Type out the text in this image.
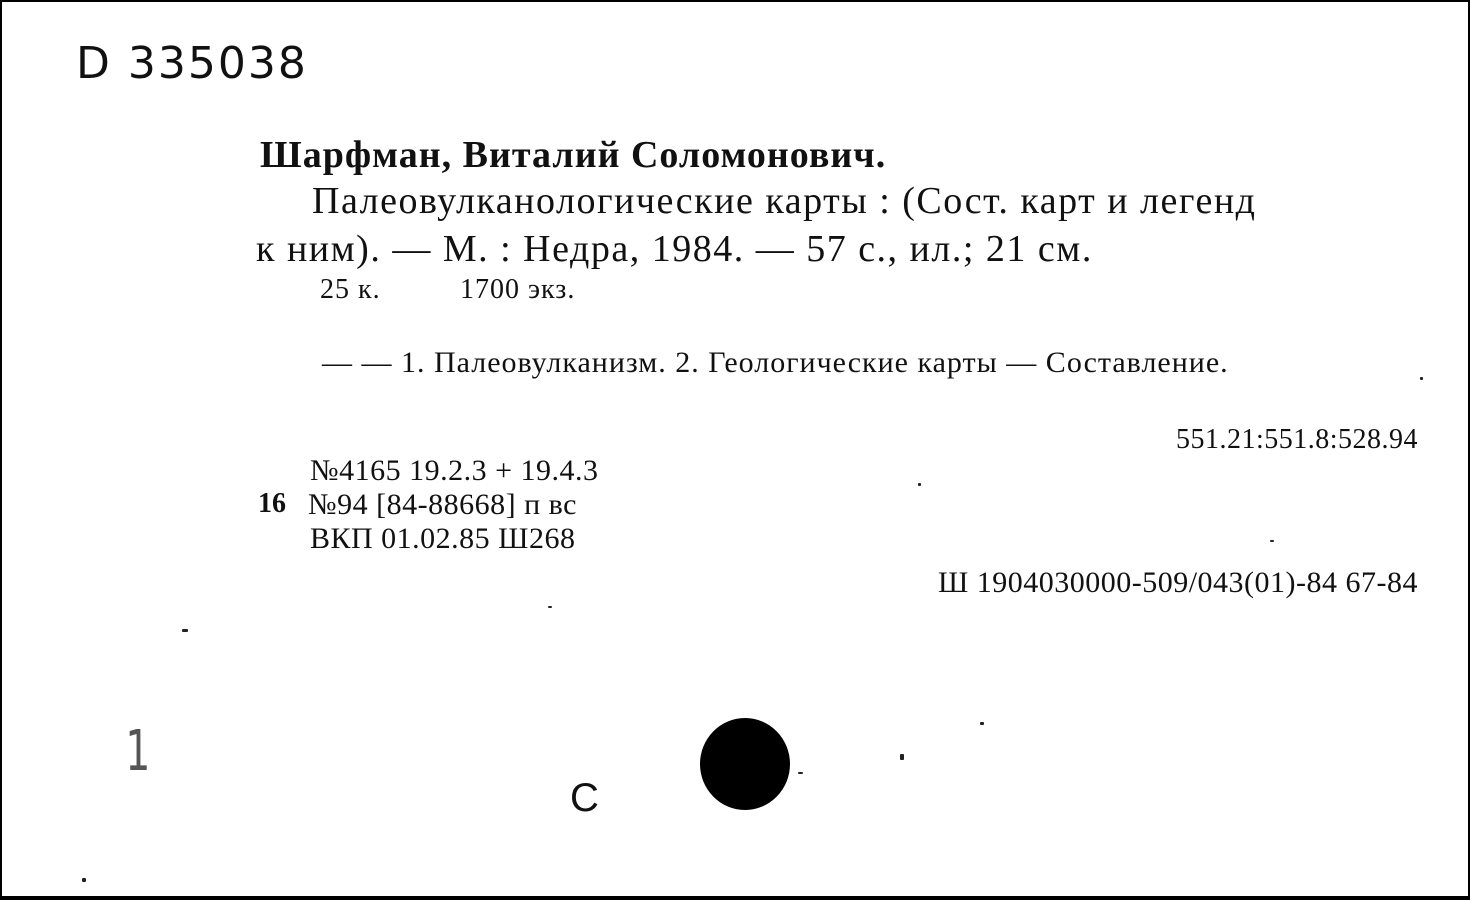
D 335038
Шарфман, Виталий Соломонович.
Палеовулканологические карты : (Сост. карт и легенд
к ним). — М. : Недра, 1984. — 57 с., ил.; 21 см.
25 к.	1700 экз.
— — 1. Палеовулканизм. 2. Геологические карты — Составление.
551.21:551.8:528.94
№4165 19.2.3 + 19.4.3
16 №94 [84-88668] п вс
ВКП 01.02.85 Ш268
Ш 1904030000-509/043(01)-84 67-84
1
С
